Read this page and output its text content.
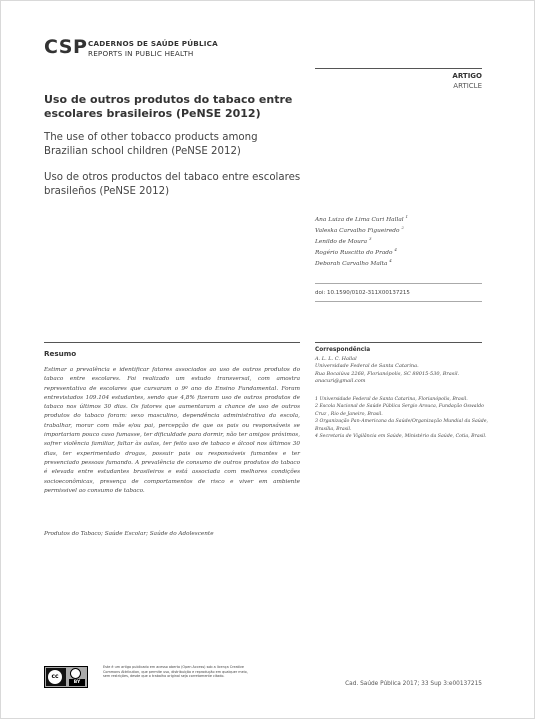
CSP CADERNOS DE SAÚDE PÚBLICA
REPORTS IN PUBLIC HEALTH
ARTIGO
ARTICLE
Uso de outros produtos do tabaco entre escolares brasileiros (PeNSE 2012)
The use of other tobacco products among Brazilian school children (PeNSE 2012)
Uso de otros productos del tabaco entre escolares brasileños (PeNSE 2012)
Ana Luiza de Lima Curi Hallal $^1$
Valeska Carvalho Figueiredo $^2$
Lenildo de Moura $^3$
Rogério Ruscitto do Prado $^4$
Deborah Carvalho Malta $^4$
doi: 10.1590/0102-311X00137215
Resumo
Estimar a prevalência e identificar fatores associados ao uso de outros produtos do tabaco entre escolares. Foi realizado um estudo transversal, com amostra representativa de escolares que cursaram o 9º ano do Ensino Fundamental. Foram entrevistados 109.104 estudantes, sendo que 4,8% fizeram uso de outros produtos de tabaco nos últimos 30 dias. Os fatores que aumentaram a chance de uso de outros produtos do tabaco foram: sexo masculino, dependência administrativa da escola, trabalhar, morar com mãe e/ou pai, percepção de que os pais ou responsáveis se importariam pouco caso fumasse, ter dificuldade para dormir, não ter amigos próximos, sofrer violência familiar, faltar às aulas, ter feito uso de tabaco e álcool nos últimos 30 dias, ter experimentado drogas, possuir pais ou responsáveis fumantes e ter presenciado pessoas fumando. A prevalência de consumo de outros produtos do tabaco é elevada entre estudantes brasileiros e está associada com melhores condições socioeconômicas, presença de comportamentos de risco e viver em ambiente permissivel ao consumo de tabaco.
Produtos do Tabaco; Saúde Escolar; Saúde do Adolescente
Correspondência
A. L. L. C. Hallal
Universidade Federal de Santa Catarina.
Rua Bocaiúva 2268, Florianópolis, SC 88015-530, Brasil.
anacuri@gmail.com

1 Universidade Federal de Santa Catarina, Florianópolis, Brasil.

2 Escola Nacional de Saúde Pública Sergio Arouca, Fundação Oswaldo Cruz , Rio de Janeiro, Brasil.

3 Organização Pan-Americana da Saúde/Organização Mundial da Saúde, Brasília, Brasil.

4 Secretaria de Vigilância em Saúde, Ministério da Saúde, Cotia, Brasil.

cc
BY
Este é um artigo publicado em acesso aberto (Open Access) sob a licença Creative Commons Attribution, que permite uso, distribuição e reprodução em qualquer meio, sem restrições, desde que o trabalho original seja corretamente citado.
Cad. Saúde Pública 2017; 33 Sup 3:e00137215
